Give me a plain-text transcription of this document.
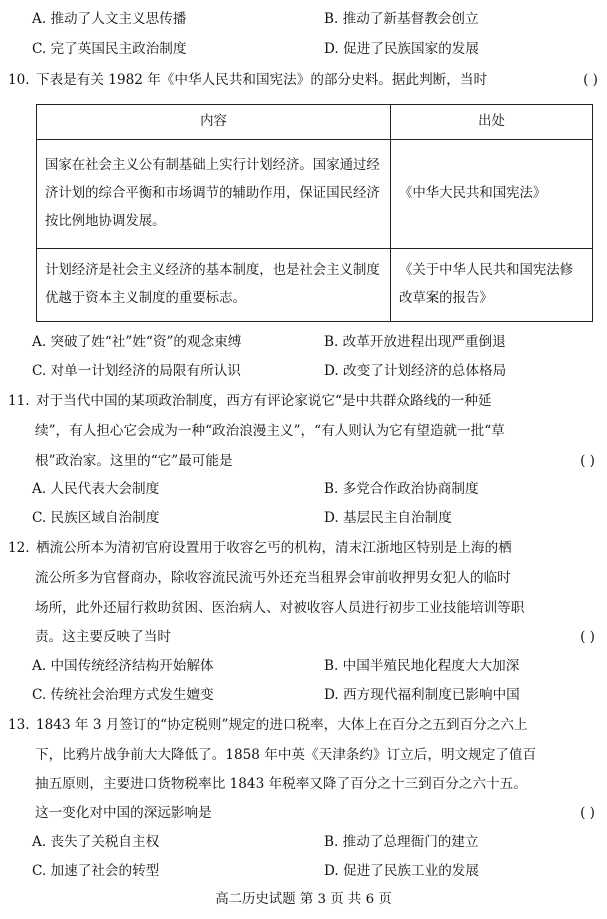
A. 推动了人文主义思传播	B. 推动了新基督教会创立
C. 完了英国民主政治制度	D. 促进了民族国家的发展
10. 下表是有关 1982 年《中华人民共和国宪法》的部分史料。据此判断，当时	( )
内容	出处
国家在社会主义公有制基础上实行计划经济。国家通过经济计划的综合平衡和市场调节的辅助作用，保证国民经济按比例地协调发展。	《中华大民共和国宪法》
计划经济是社会主义经济的基本制度，也是社会主义制度优越于资本主义制度的重要标志。	《关于中华人民共和国宪法修改草案的报告》
A. 突破了姓“社”姓“资”的观念束缚	B. 改革开放进程出现严重倒退
C. 对单一计划经济的局限有所认识	D. 改变了计划经济的总体格局
11. 对于当代中国的某项政治制度，西方有评论家说它“是中共群众路线的一种延
续”，有人担心它会成为一种“政治浪漫主义”，“有人则认为它有望造就一批“草
根”政治家。这里的“它”最可能是	( )
A. 人民代表大会制度	B. 多党合作政治协商制度
C. 民族区域自治制度	D. 基层民主自治制度
12. 栖流公所本为清初官府设置用于收容乞丐的机构，清末江浙地区特别是上海的栖
流公所多为官督商办，除收容流民流丐外还充当租界会审前收押男女犯人的临时
场所，此外还屇行救助贫困、医治病人、对被收容人员进行初步工业技能培训等职
责。这主要反映了当时	( )
A. 中国传统经济结构开始解体	B. 中国半殖民地化程度大大加深
C. 传统社会治理方式发生嬗变	D. 西方现代福利制度已影响中国
13. 1843 年 3 月签订的“协定税则”规定的进口税率，大体上在百分之五到百分之六上
下，比鸦片战争前大大降低了。1858 年中英《天津条约》订立后，明文规定了值百
抽五原则，主要进口货物税率比 1843 年税率又降了百分之十三到百分之六十五。
这一变化对中国的深远影响是	( )
A. 丧失了关税自主权	B. 推动了总理衙门的建立
C. 加速了社会的转型	D. 促进了民族工业的发展
高二历史试题 第 3 页 共 6 页
